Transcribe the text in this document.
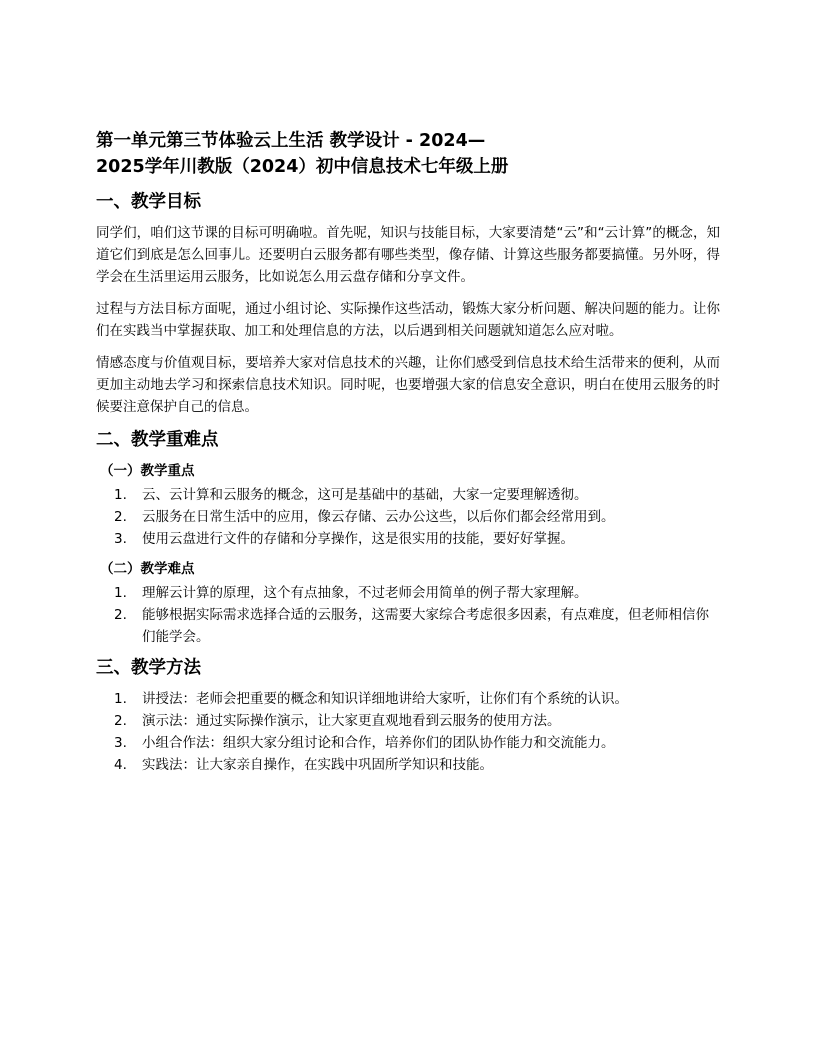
第一单元第三节体验云上生活 教学设计 - 2024—
2025学年川教版（2024）初中信息技术七年级上册
一、教学目标

同学们，咱们这节课的目标可明确啦。首先呢，知识与技能目标，大家要清楚“云”和“云计算”的概念，知道它们到底是怎么回事儿。还要明白云服务都有哪些类型，像存储、计算这些服务都要搞懂。另外呀，得学会在生活里运用云服务，比如说怎么用云盘存储和分享文件。

过程与方法目标方面呢，通过小组讨论、实际操作这些活动，锻炼大家分析问题、解决问题的能力。让你们在实践当中掌握获取、加工和处理信息的方法，以后遇到相关问题就知道怎么应对啦。

情感态度与价值观目标，要培养大家对信息技术的兴趣，让你们感受到信息技术给生活带来的便利，从而更加主动地去学习和探索信息技术知识。同时呢，也要增强大家的信息安全意识，明白在使用云服务的时候要注意保护自己的信息。

二、教学重难点
（一）教学重点
1.	云、云计算和云服务的概念，这可是基础中的基础，大家一定要理解透彻。
2.	云服务在日常生活中的应用，像云存储、云办公这些，以后你们都会经常用到。
3.	使用云盘进行文件的存储和分享操作，这是很实用的技能，要好好掌握。
（二）教学难点
1.	理解云计算的原理，这个有点抽象，不过老师会用简单的例子帮大家理解。
2.	能够根据实际需求选择合适的云服务，这需要大家综合考虑很多因素，有点难度，但老师相信你们能学会。
三、教学方法
1.	讲授法：老师会把重要的概念和知识详细地讲给大家听，让你们有个系统的认识。
2.	演示法：通过实际操作演示，让大家更直观地看到云服务的使用方法。
3.	小组合作法：组织大家分组讨论和合作，培养你们的团队协作能力和交流能力。
4.	实践法：让大家亲自操作，在实践中巩固所学知识和技能。
